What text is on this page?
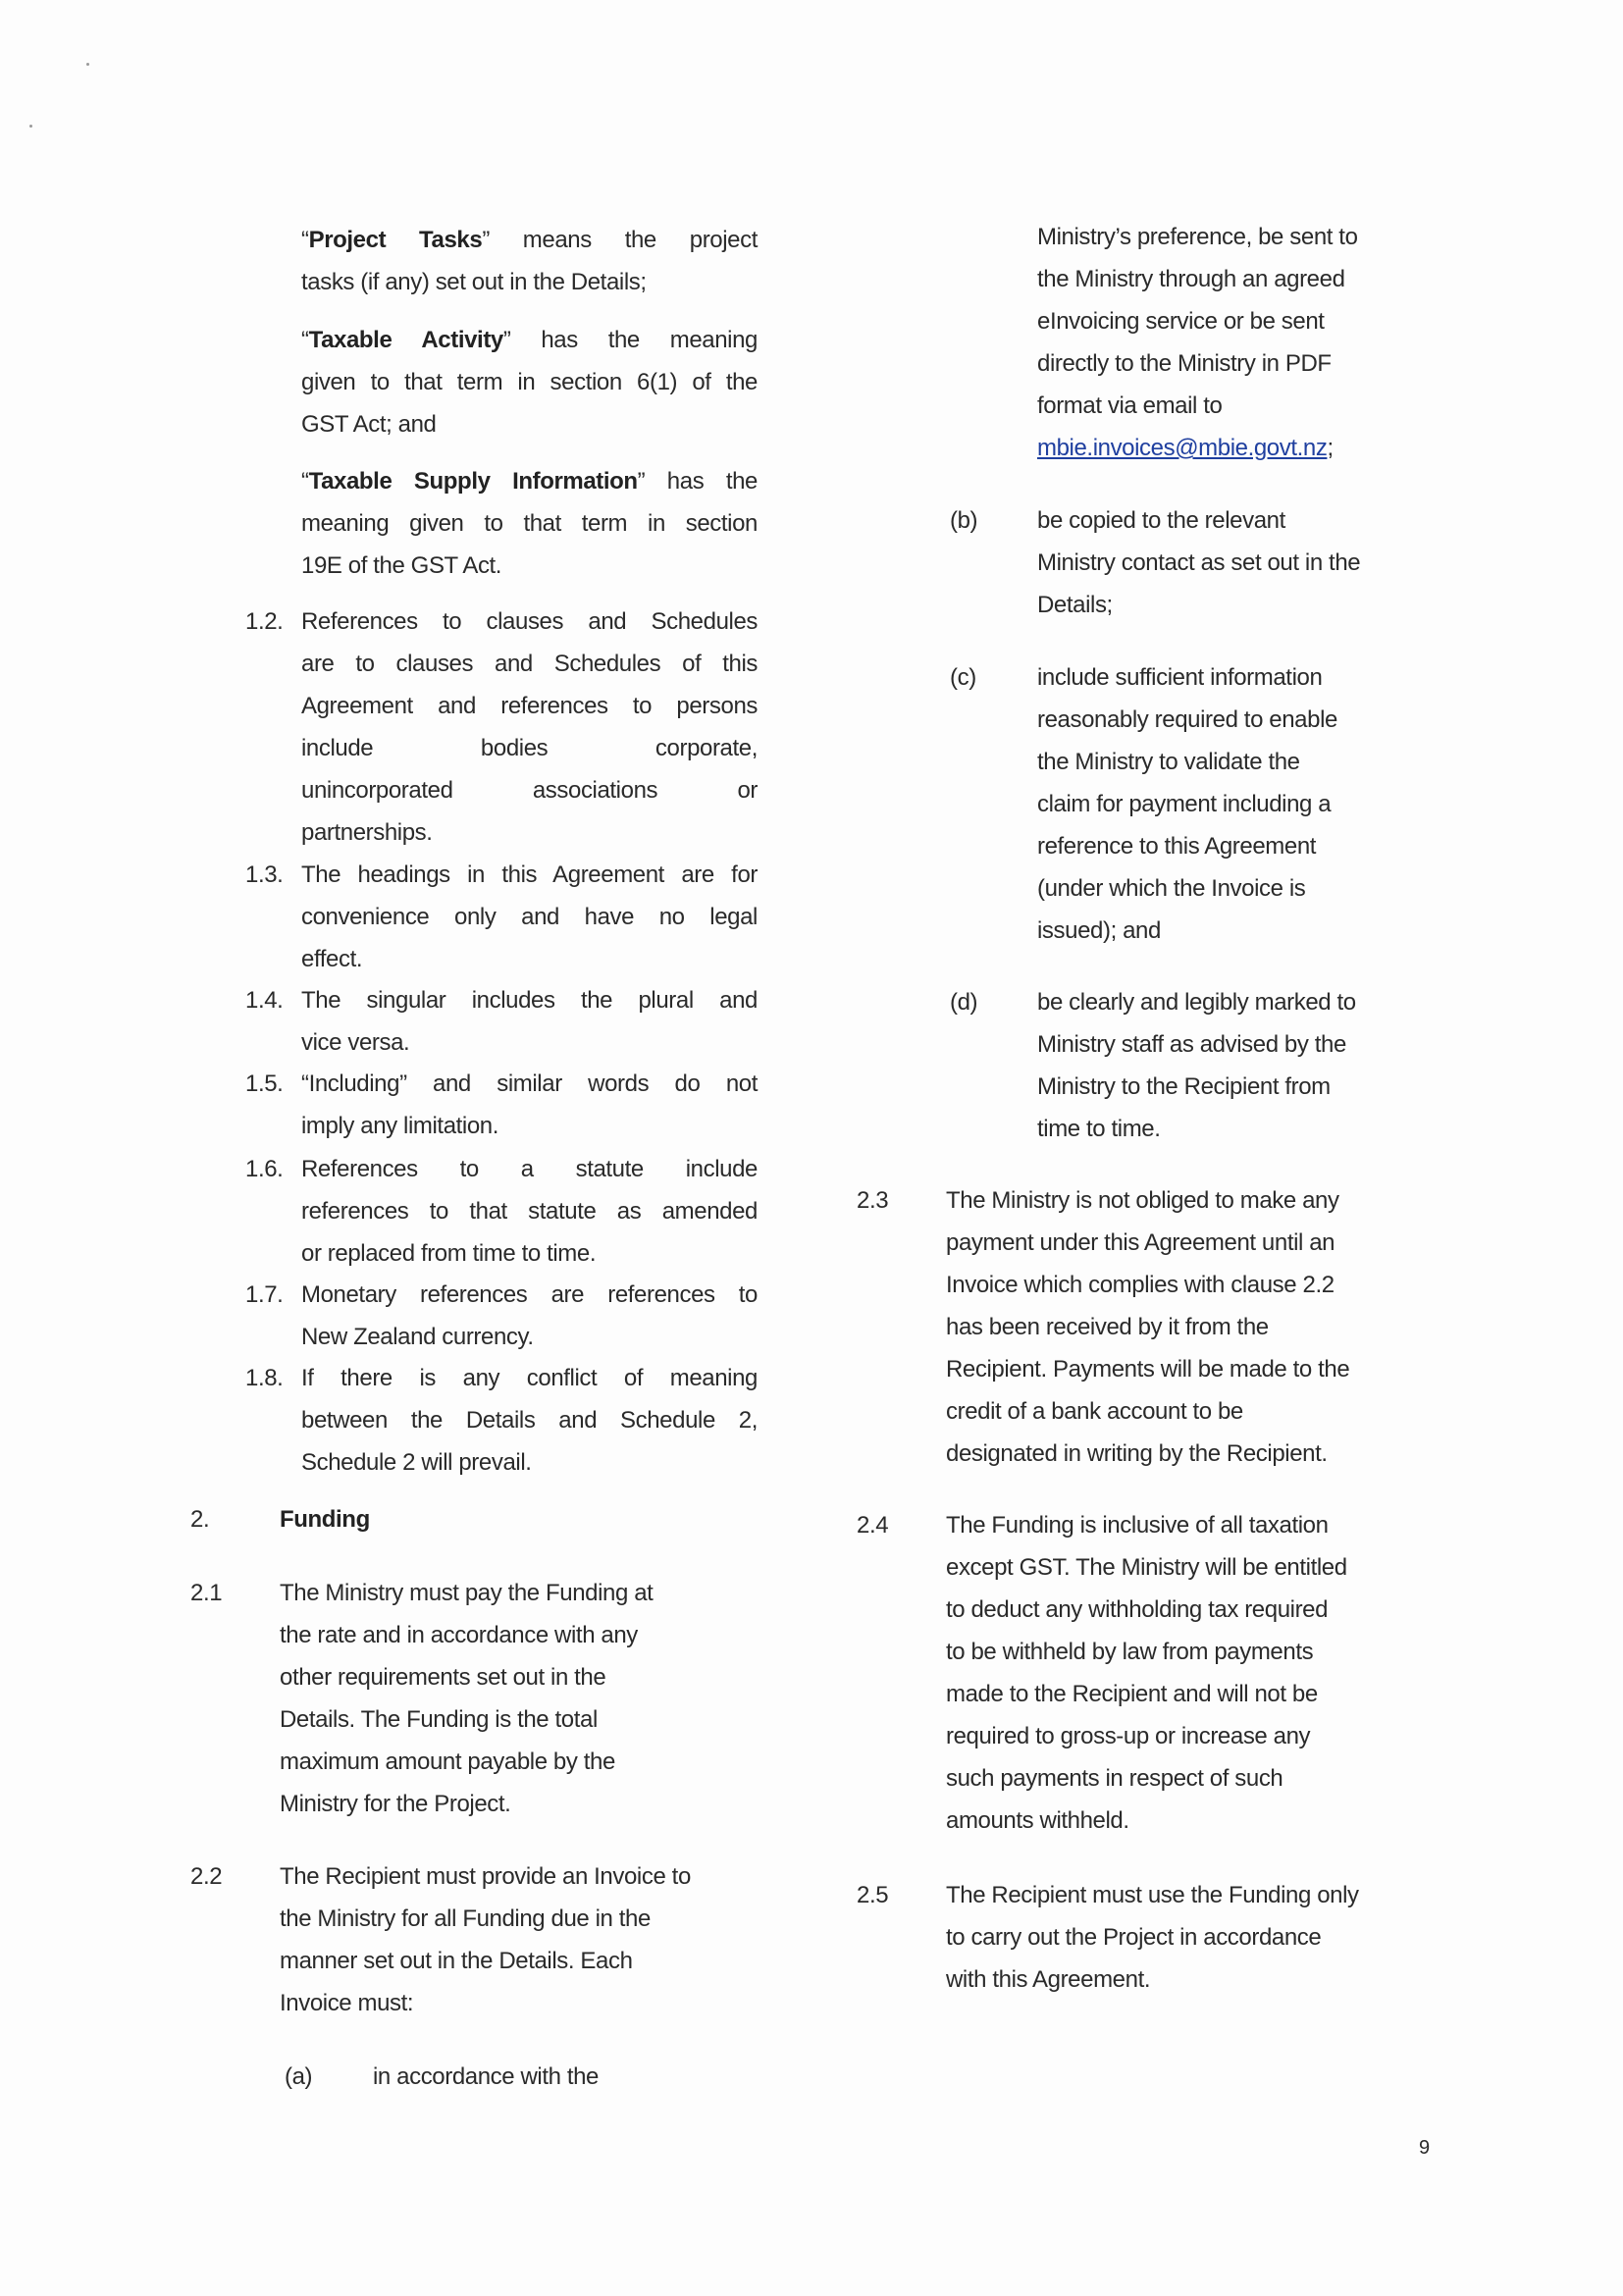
“Project Tasks” means the project
tasks (if any) set out in the Details;
“Taxable Activity” has the meaning
given to that term in section 6(1) of the
GST Act; and
“Taxable Supply Information” has the
meaning given to that term in section
19E of the GST Act.
1.2. References to clauses and Schedules
are to clauses and Schedules of this
Agreement and references to persons
include bodies corporate,
unincorporated associations or
partnerships.
1.3. The headings in this Agreement are for
convenience only and have no legal
effect.
1.4. The singular includes the plural and
vice versa.
1.5. “Including” and similar words do not
imply any limitation.
1.6. References to a statute include
references to that statute as amended
or replaced from time to time.
1.7. Monetary references are references to
New Zealand currency.
1.8. If there is any conflict of meaning
between the Details and Schedule 2,
Schedule 2 will prevail.
2.	Funding
2.1 The Ministry must pay the Funding at
the rate and in accordance with any
other requirements set out in the
Details. The Funding is the total
maximum amount payable by the
Ministry for the Project.
2.2 The Recipient must provide an Invoice to
the Ministry for all Funding due in the
manner set out in the Details. Each
Invoice must:
(a)	in accordance with the
Ministry’s preference, be sent to
the Ministry through an agreed
eInvoicing service or be sent
directly to the Ministry in PDF
format via email to
mbie.invoices@mbie.govt.nz;
(b)	be copied to the relevant
Ministry contact as set out in the
Details;
(c)	include sufficient information
reasonably required to enable
the Ministry to validate the
claim for payment including a
reference to this Agreement
(under which the Invoice is
issued); and
(d)	be clearly and legibly marked to
Ministry staff as advised by the
Ministry to the Recipient from
time to time.
2.3 The Ministry is not obliged to make any
payment under this Agreement until an
Invoice which complies with clause 2.2
has been received by it from the
Recipient. Payments will be made to the
credit of a bank account to be
designated in writing by the Recipient.
2.4 The Funding is inclusive of all taxation
except GST. The Ministry will be entitled
to deduct any withholding tax required
to be withheld by law from payments
made to the Recipient and will not be
required to gross-up or increase any
such payments in respect of such
amounts withheld.
2.5 The Recipient must use the Funding only
to carry out the Project in accordance
with this Agreement.
9
